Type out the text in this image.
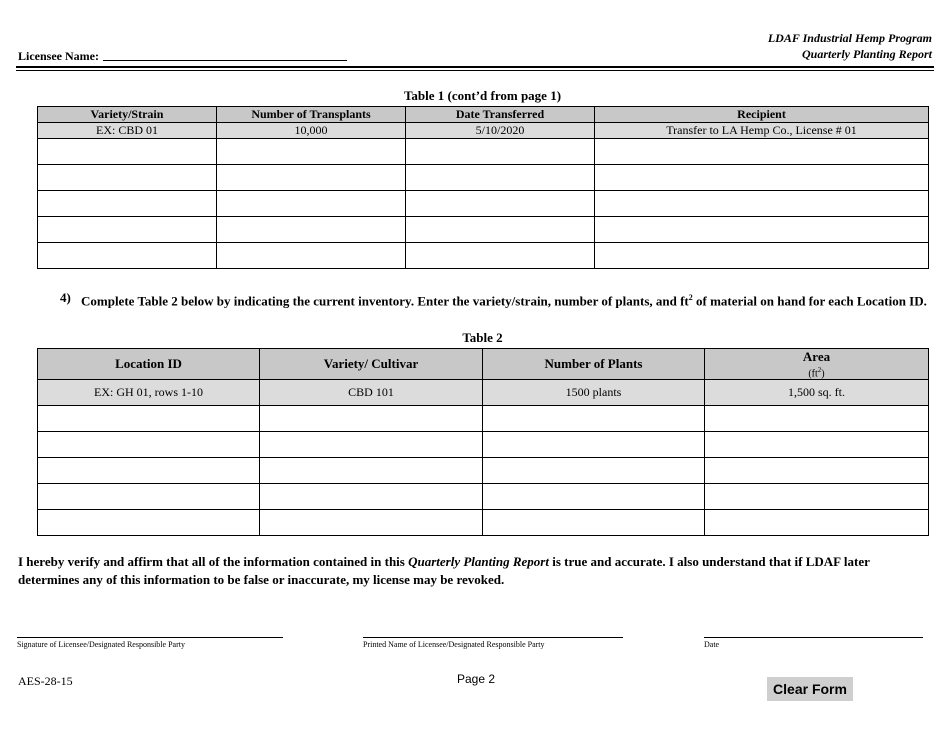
LDAF Industrial Hemp Program
Quarterly Planting Report
Licensee Name:
Table 1 (cont’d from page 1)
Variety/Strain	Number of Transplants	Date Transferred	Recipient
EX: CBD 01	10,000	5/10/2020	Transfer to LA Hemp Co., License # 01

4) Complete Table 2 below by indicating the current inventory. Enter the variety/strain, number of plants, and $ft^2$ of material on hand for each Location ID.
Table 2
Location ID	Variety/ Cultivar	Number of Plants	Area
$(ft^2)$

EX: GH 01, rows 1-10	CBD 101	1500 plants	1,500 sq. ft.

I hereby verify and affirm that all of the information contained in this Quarterly Planting Report is true and accurate. I also understand that if LDAF later determines any of this information to be false or inaccurate, my license may be revoked.
Signature of Licensee/Designated Responsible Party	Printed Name of Licensee/Designated Responsible Party	Date
AES-28-15	Page 2
Clear Form
